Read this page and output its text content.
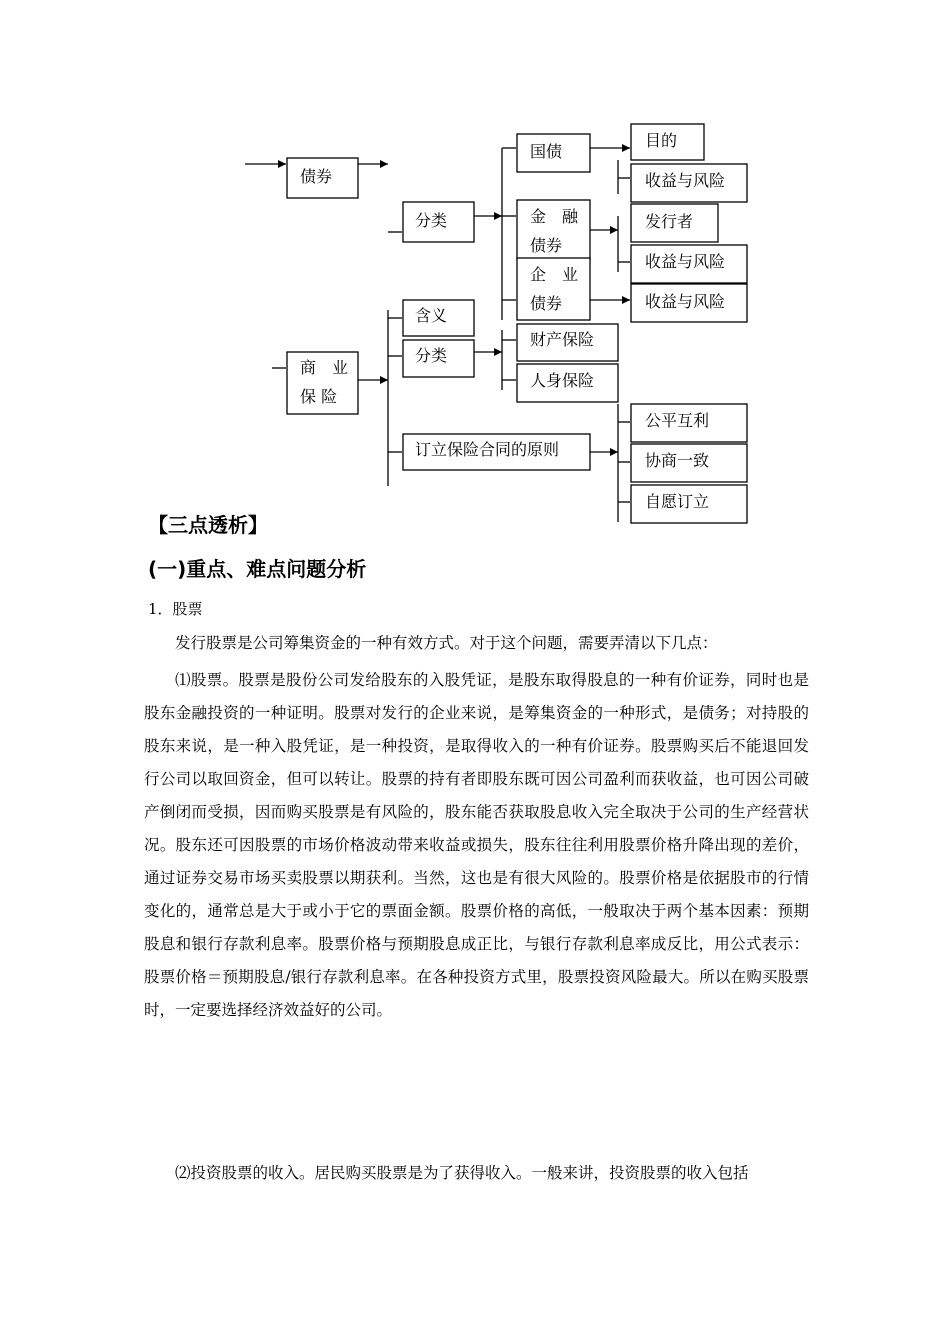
债券
分类
国债
金　融
债券
企　业
债券
目的
收益与风险
发行者
收益与风险
收益与风险
商　业
保 险
含义
分类
财产保险
人身保险
订立保险合同的原则
公平互利
协商一致
自愿订立
【三点透析】
(一)重点、难点问题分析
1．股票

发行股票是公司筹集资金的一种有效方式。对于这个问题，需要弄清以下几点：

⑴股票。股票是股份公司发给股东的入股凭证，是股东取得股息的一种有价证券，同时也是股东金融投资的一种证明。股票对发行的企业来说，是筹集资金的一种形式，是债务；对持股的股东来说，是一种入股凭证，是一种投资，是取得收入的一种有价证券。股票购买后不能退回发行公司以取回资金，但可以转让。股票的持有者即股东既可因公司盈利而获收益，也可因公司破产倒闭而受损，因而购买股票是有风险的，股东能否获取股息收入完全取决于公司的生产经营状况。股东还可因股票的市场价格波动带来收益或损失，股东往往利用股票价格升降出现的差价，通过证券交易市场买卖股票以期获利。当然，这也是有很大风险的。股票价格是依据股市的行情变化的，通常总是大于或小于它的票面金额。股票价格的高低，一般取决于两个基本因素：预期股息和银行存款利息率。股票价格与预期股息成正比，与银行存款利息率成反比，用公式表示：股票价格＝预期股息/银行存款利息率。在各种投资方式里，股票投资风险最大。所以在购买股票时，一定要选择经济效益好的公司。

⑵投资股票的收入。居民购买股票是为了获得收入。一般来讲，投资股票的收入包括
